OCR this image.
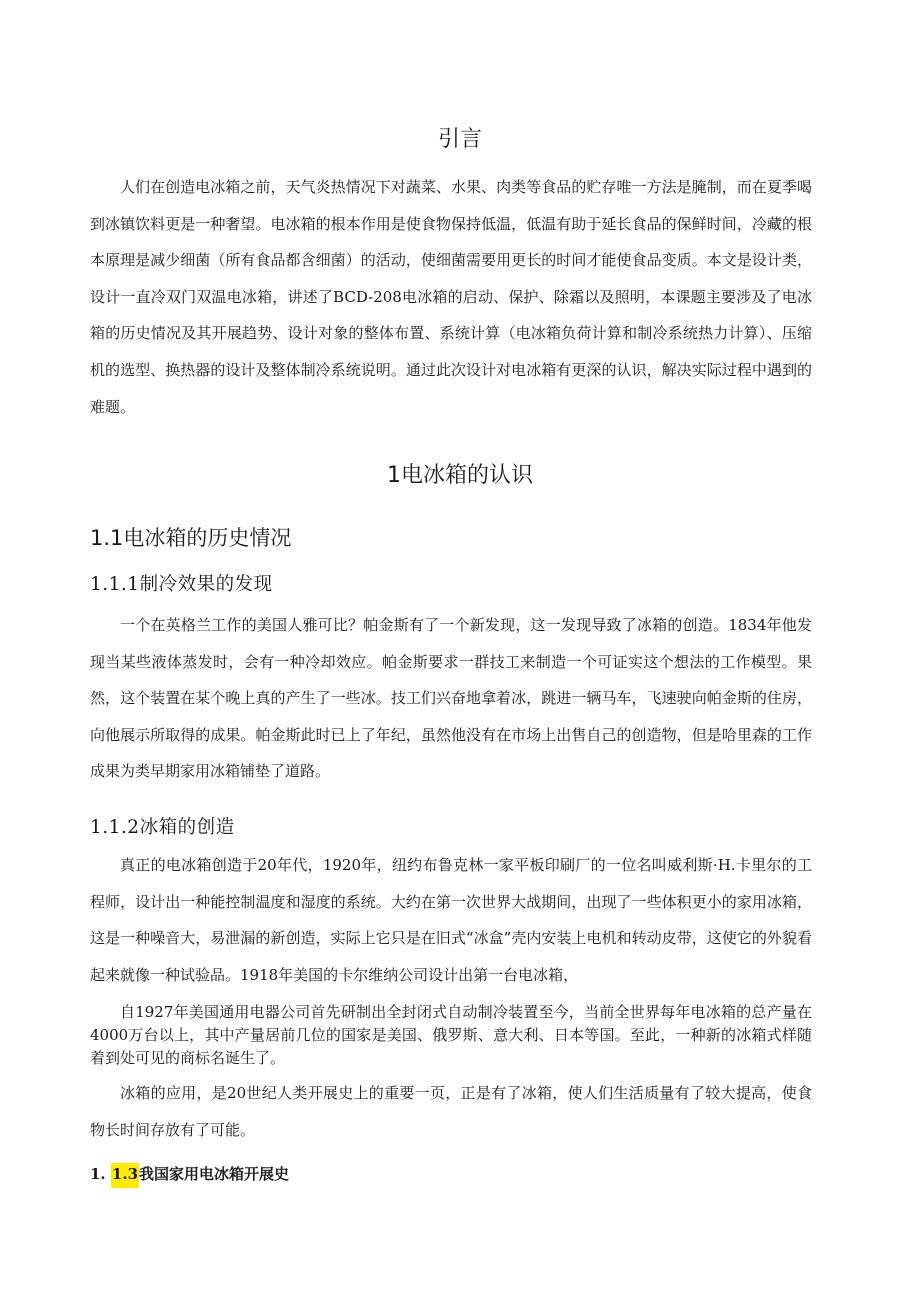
引言

人们在创造电冰箱之前，天气炎热情况下对蔬菜、水果、肉类等食品的贮存唯一方法是腌制，而在夏季喝到冰镇饮料更是一种奢望。电冰箱的根本作用是使食物保持低温，低温有助于延长食品的保鲜时间，冷藏的根本原理是减少细菌（所有食品都含细菌）的活动，使细菌需要用更长的时间才能使食品变质。本文是设计类，设计一直冷双门双温电冰箱，讲述了BCD-208电冰箱的启动、保护、除霜以及照明，本课题主要涉及了电冰箱的历史情况及其开展趋势、设计对象的整体布置、系统计算（电冰箱负荷计算和制冷系统热力计算）、压缩机的选型、换热器的设计及整体制冷系统说明。通过此次设计对电冰箱有更深的认识，解决实际过程中遇到的难题。

1电冰箱的认识
1.1电冰箱的历史情况
1.1.1制冷效果的发现

一个在英格兰工作的美国人雅可比？帕金斯有了一个新发现，这一发现导致了冰箱的创造。1834年他发现当某些液体蒸发时，会有一种冷却效应。帕金斯要求一群技工来制造一个可证实这个想法的工作模型。果然，这个装置在某个晚上真的产生了一些冰。技工们兴奋地拿着冰，跳进一辆马车，飞速驶向帕金斯的住房，向他展示所取得的成果。帕金斯此时已上了年纪，虽然他没有在市场上出售自己的创造物，但是哈里森的工作成果为类早期家用冰箱铺垫了道路。

1.1.2冰箱的创造

真正的电冰箱创造于20年代，1920年，纽约布鲁克林一家平板印刷厂的一位名叫威利斯·H.卡里尔的工程师，设计出一种能控制温度和湿度的系统。大约在第一次世界大战期间，出现了一些体积更小的家用冰箱，这是一种噪音大，易泄漏的新创造，实际上它只是在旧式“冰盒”壳内安装上电机和转动皮带，这使它的外貌看起来就像一种试验品。1918年美国的卡尔维纳公司设计出第一台电冰箱，

自1927年美国通用电器公司首先研制出全封闭式自动制冷装置至今，当前全世界每年电冰箱的总产量在4000万台以上，其中产量居前几位的国家是美国、俄罗斯、意大利、日本等国。至此，一种新的冰箱式样随着到处可见的商标名诞生了。

冰箱的应用，是20世纪人类开展史上的重要一页，正是有了冰箱，使人们生活质量有了较大提高，使食物长时间存放有了可能。

1. 1.3我国家用电冰箱开展史
